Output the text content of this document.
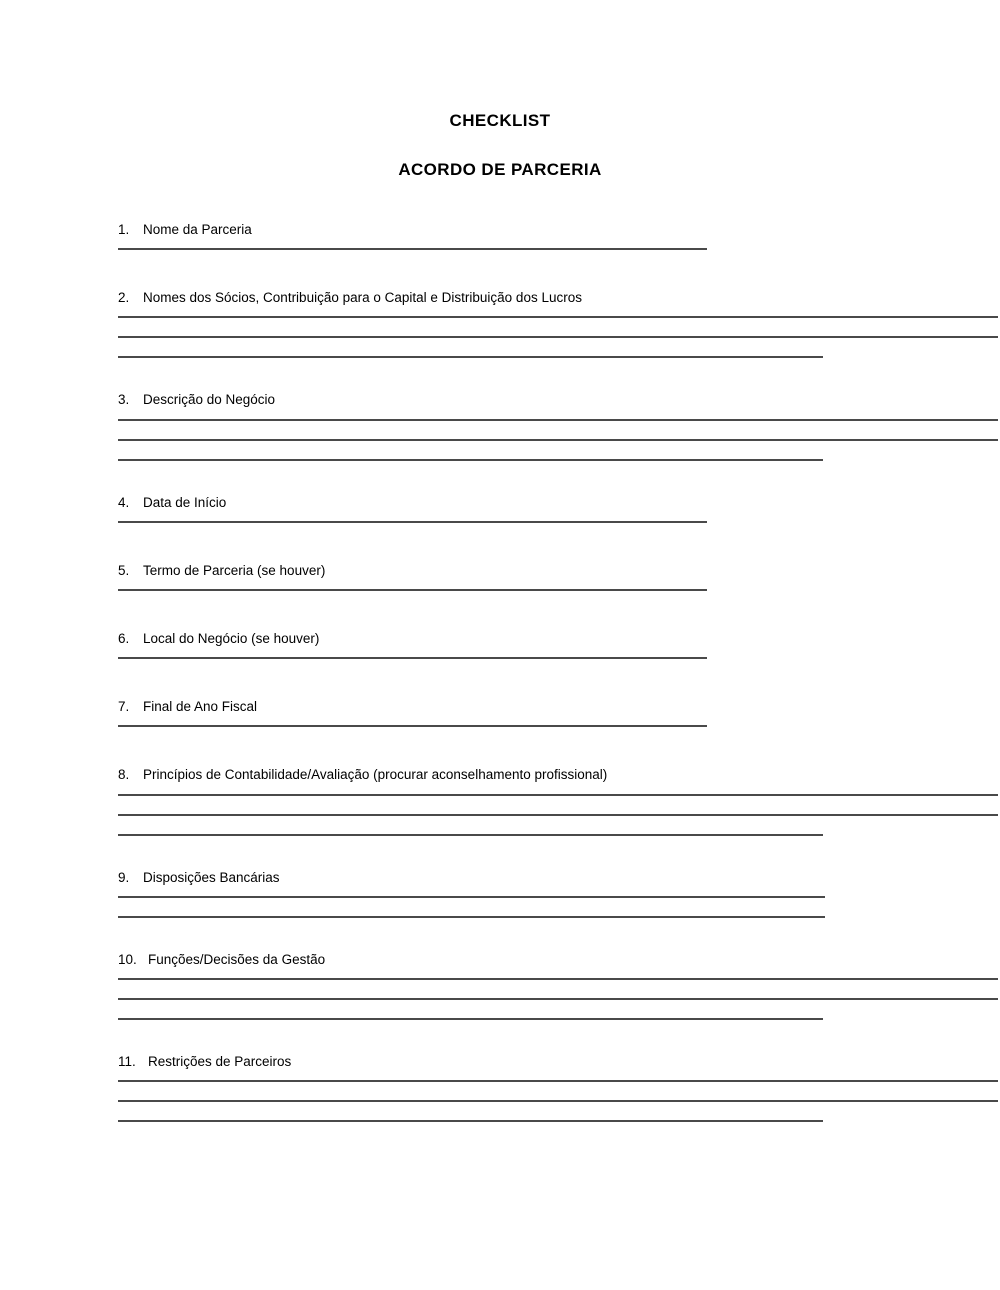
CHECKLIST
ACORDO DE PARCERIA
1.	Nome da Parceria
2.	Nomes dos Sócios, Contribuição para o Capital e Distribuição dos Lucros
3.	Descrição do Negócio
4.	Data de Início
5.	Termo de Parceria (se houver)
6.	Local do Negócio (se houver)
7.	Final de Ano Fiscal
8.	Princípios de Contabilidade/Avaliação (procurar aconselhamento profissional)
9.	Disposições Bancárias
10. Funções/Decisões da Gestão
11. Restrições de Parceiros
